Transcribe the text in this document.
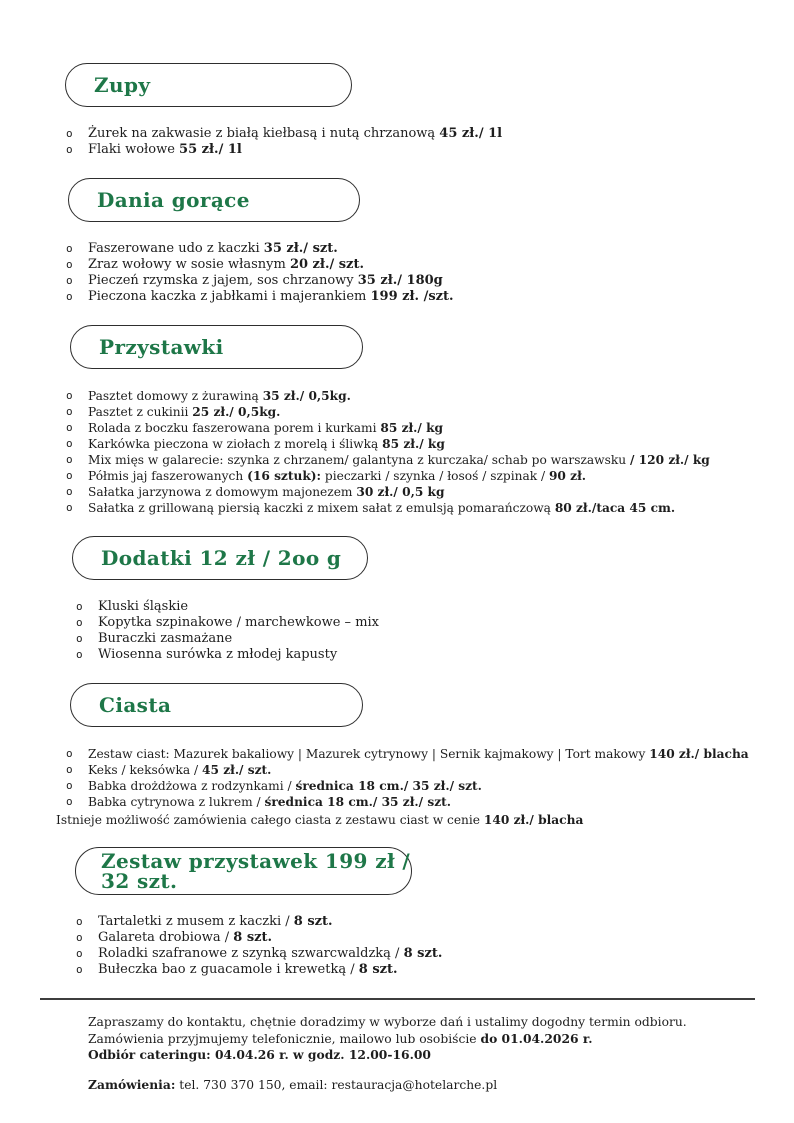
Zupy
o	Żurek na zakwasie z białą kiełbasą i nutą chrzanową 45 zł./ 1l
o	Flaki wołowe 55 zł./ 1l
Dania gorące
o	Faszerowane udo z kaczki 35 zł./ szt.
o	Zraz wołowy w sosie własnym 20 zł./ szt.
o	Pieczeń rzymska z jajem, sos chrzanowy 35 zł./ 180g
o	Pieczona kaczka z jabłkami i majerankiem 199 zł. /szt.
Przystawki
o	Pasztet domowy z żurawiną 35 zł./ 0,5kg.
o	Pasztet z cukinii 25 zł./ 0,5kg.
o	Rolada z boczku faszerowana porem i kurkami 85 zł./ kg
o	Karkówka pieczona w ziołach z morelą i śliwką 85 zł./ kg
o	Mix mięs w galarecie: szynka z chrzanem/ galantyna z kurczaka/ schab po warszawsku / 120 zł./ kg
o	Półmis jaj faszerowanych (16 sztuk): pieczarki / szynka / łosoś / szpinak / 90 zł.
o	Sałatka jarzynowa z domowym majonezem 30 zł./ 0,5 kg
o	Sałatka z grillowaną piersią kaczki z mixem sałat z emulsją pomarańczową 80 zł./taca 45 cm.
Dodatki 12 zł / 2oo g
o	Kluski śląskie
o	Kopytka szpinakowe / marchewkowe – mix
o	Buraczki zasmażane
o	Wiosenna surówka z młodej kapusty
Ciasta
o	Zestaw ciast: Mazurek bakaliowy | Mazurek cytrynowy | Sernik kajmakowy | Tort makowy 140 zł./ blacha
o	Keks / keksówka / 45 zł./ szt.
o	Babka drożdżowa z rodzynkami / średnica 18 cm./ 35 zł./ szt.
o	Babka cytrynowa z lukrem / średnica 18 cm./ 35 zł./ szt.

Istnieje możliwość zamówienia całego ciasta z zestawu ciast w cenie 140 zł./ blacha

Zestaw przystawek 199 zł / 32 szt.
o	Tartaletki z musem z kaczki / 8 szt.
o	Galareta drobiowa / 8 szt.
o	Roladki szafranowe z szynką szwarcwaldzką / 8 szt.
o	Bułeczka bao z guacamole i krewetką / 8 szt.
Zapraszamy do kontaktu, chętnie doradzimy w wyborze dań i ustalimy dogodny termin odbioru.
Zamówienia przyjmujemy telefonicznie, mailowo lub osobiście do 01.04.2026 r.
Odbiór cateringu: 04.04.26 r. w godz. 12.00-16.00
Zamówienia: tel. 730 370 150, email: restauracja@hotelarche.pl
